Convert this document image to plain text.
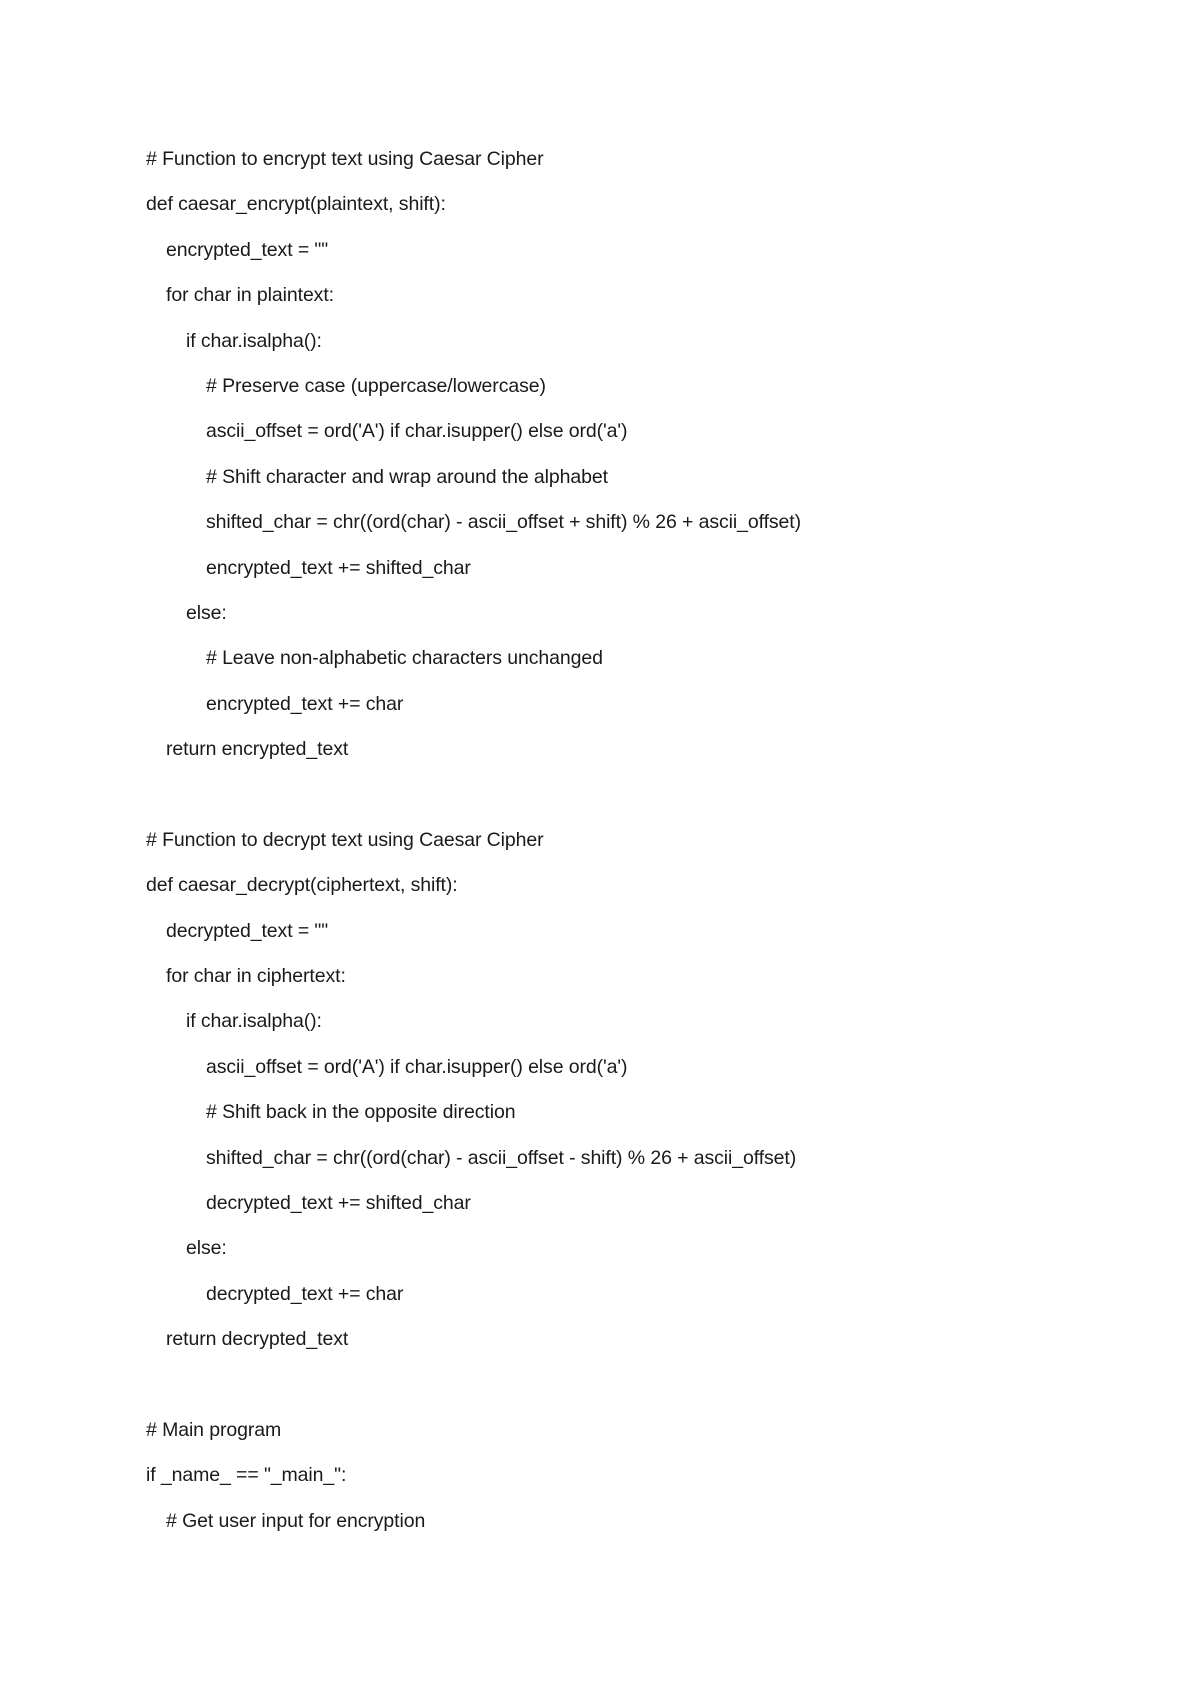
# Function to encrypt text using Caesar Cipher
def caesar_encrypt(plaintext, shift):
encrypted_text = ""
for char in plaintext:
if char.isalpha():
# Preserve case (uppercase/lowercase)
ascii_offset = ord('A') if char.isupper() else ord('a')
# Shift character and wrap around the alphabet
shifted_char = chr((ord(char) - ascii_offset + shift) % 26 + ascii_offset)
encrypted_text += shifted_char
else:
# Leave non-alphabetic characters unchanged
encrypted_text += char
return encrypted_text
# Function to decrypt text using Caesar Cipher
def caesar_decrypt(ciphertext, shift):
decrypted_text = ""
for char in ciphertext:
if char.isalpha():
ascii_offset = ord('A') if char.isupper() else ord('a')
# Shift back in the opposite direction
shifted_char = chr((ord(char) - ascii_offset - shift) % 26 + ascii_offset)
decrypted_text += shifted_char
else:
decrypted_text += char
return decrypted_text
# Main program
if _name_ == "_main_":
# Get user input for encryption
